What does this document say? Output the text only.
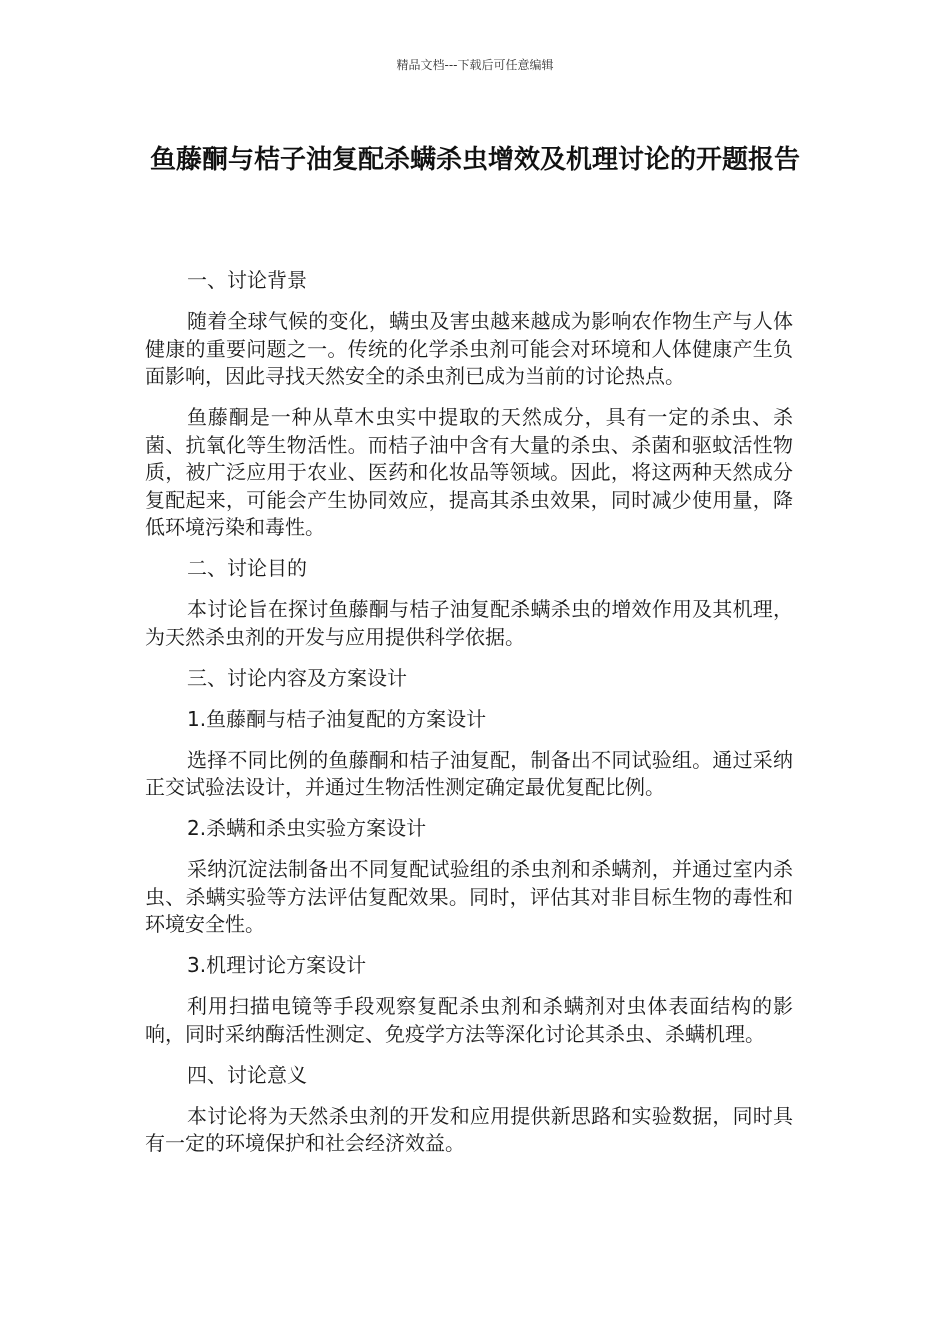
精品文档---下载后可任意编辑
鱼藤酮与桔子油复配杀螨杀虫增效及机理讨论的开题报告

一、讨论背景

随着全球气候的变化，螨虫及害虫越来越成为影响农作物生产与人体健康的重要问题之一。传统的化学杀虫剂可能会对环境和人体健康产生负面影响，因此寻找天然安全的杀虫剂已成为当前的讨论热点。

鱼藤酮是一种从草木虫实中提取的天然成分，具有一定的杀虫、杀菌、抗氧化等生物活性。而桔子油中含有大量的杀虫、杀菌和驱蚊活性物质，被广泛应用于农业、医药和化妆品等领域。因此，将这两种天然成分复配起来，可能会产生协同效应，提高其杀虫效果，同时减少使用量，降低环境污染和毒性。

二、讨论目的

本讨论旨在探讨鱼藤酮与桔子油复配杀螨杀虫的增效作用及其机理，为天然杀虫剂的开发与应用提供科学依据。

三、讨论内容及方案设计

1.鱼藤酮与桔子油复配的方案设计

选择不同比例的鱼藤酮和桔子油复配，制备出不同试验组。通过采纳正交试验法设计，并通过生物活性测定确定最优复配比例。

2.杀螨和杀虫实验方案设计

采纳沉淀法制备出不同复配试验组的杀虫剂和杀螨剂，并通过室内杀虫、杀螨实验等方法评估复配效果。同时，评估其对非目标生物的毒性和环境安全性。

3.机理讨论方案设计

利用扫描电镜等手段观察复配杀虫剂和杀螨剂对虫体表面结构的影响，同时采纳酶活性测定、免疫学方法等深化讨论其杀虫、杀螨机理。

四、讨论意义

本讨论将为天然杀虫剂的开发和应用提供新思路和实验数据，同时具有一定的环境保护和社会经济效益。
